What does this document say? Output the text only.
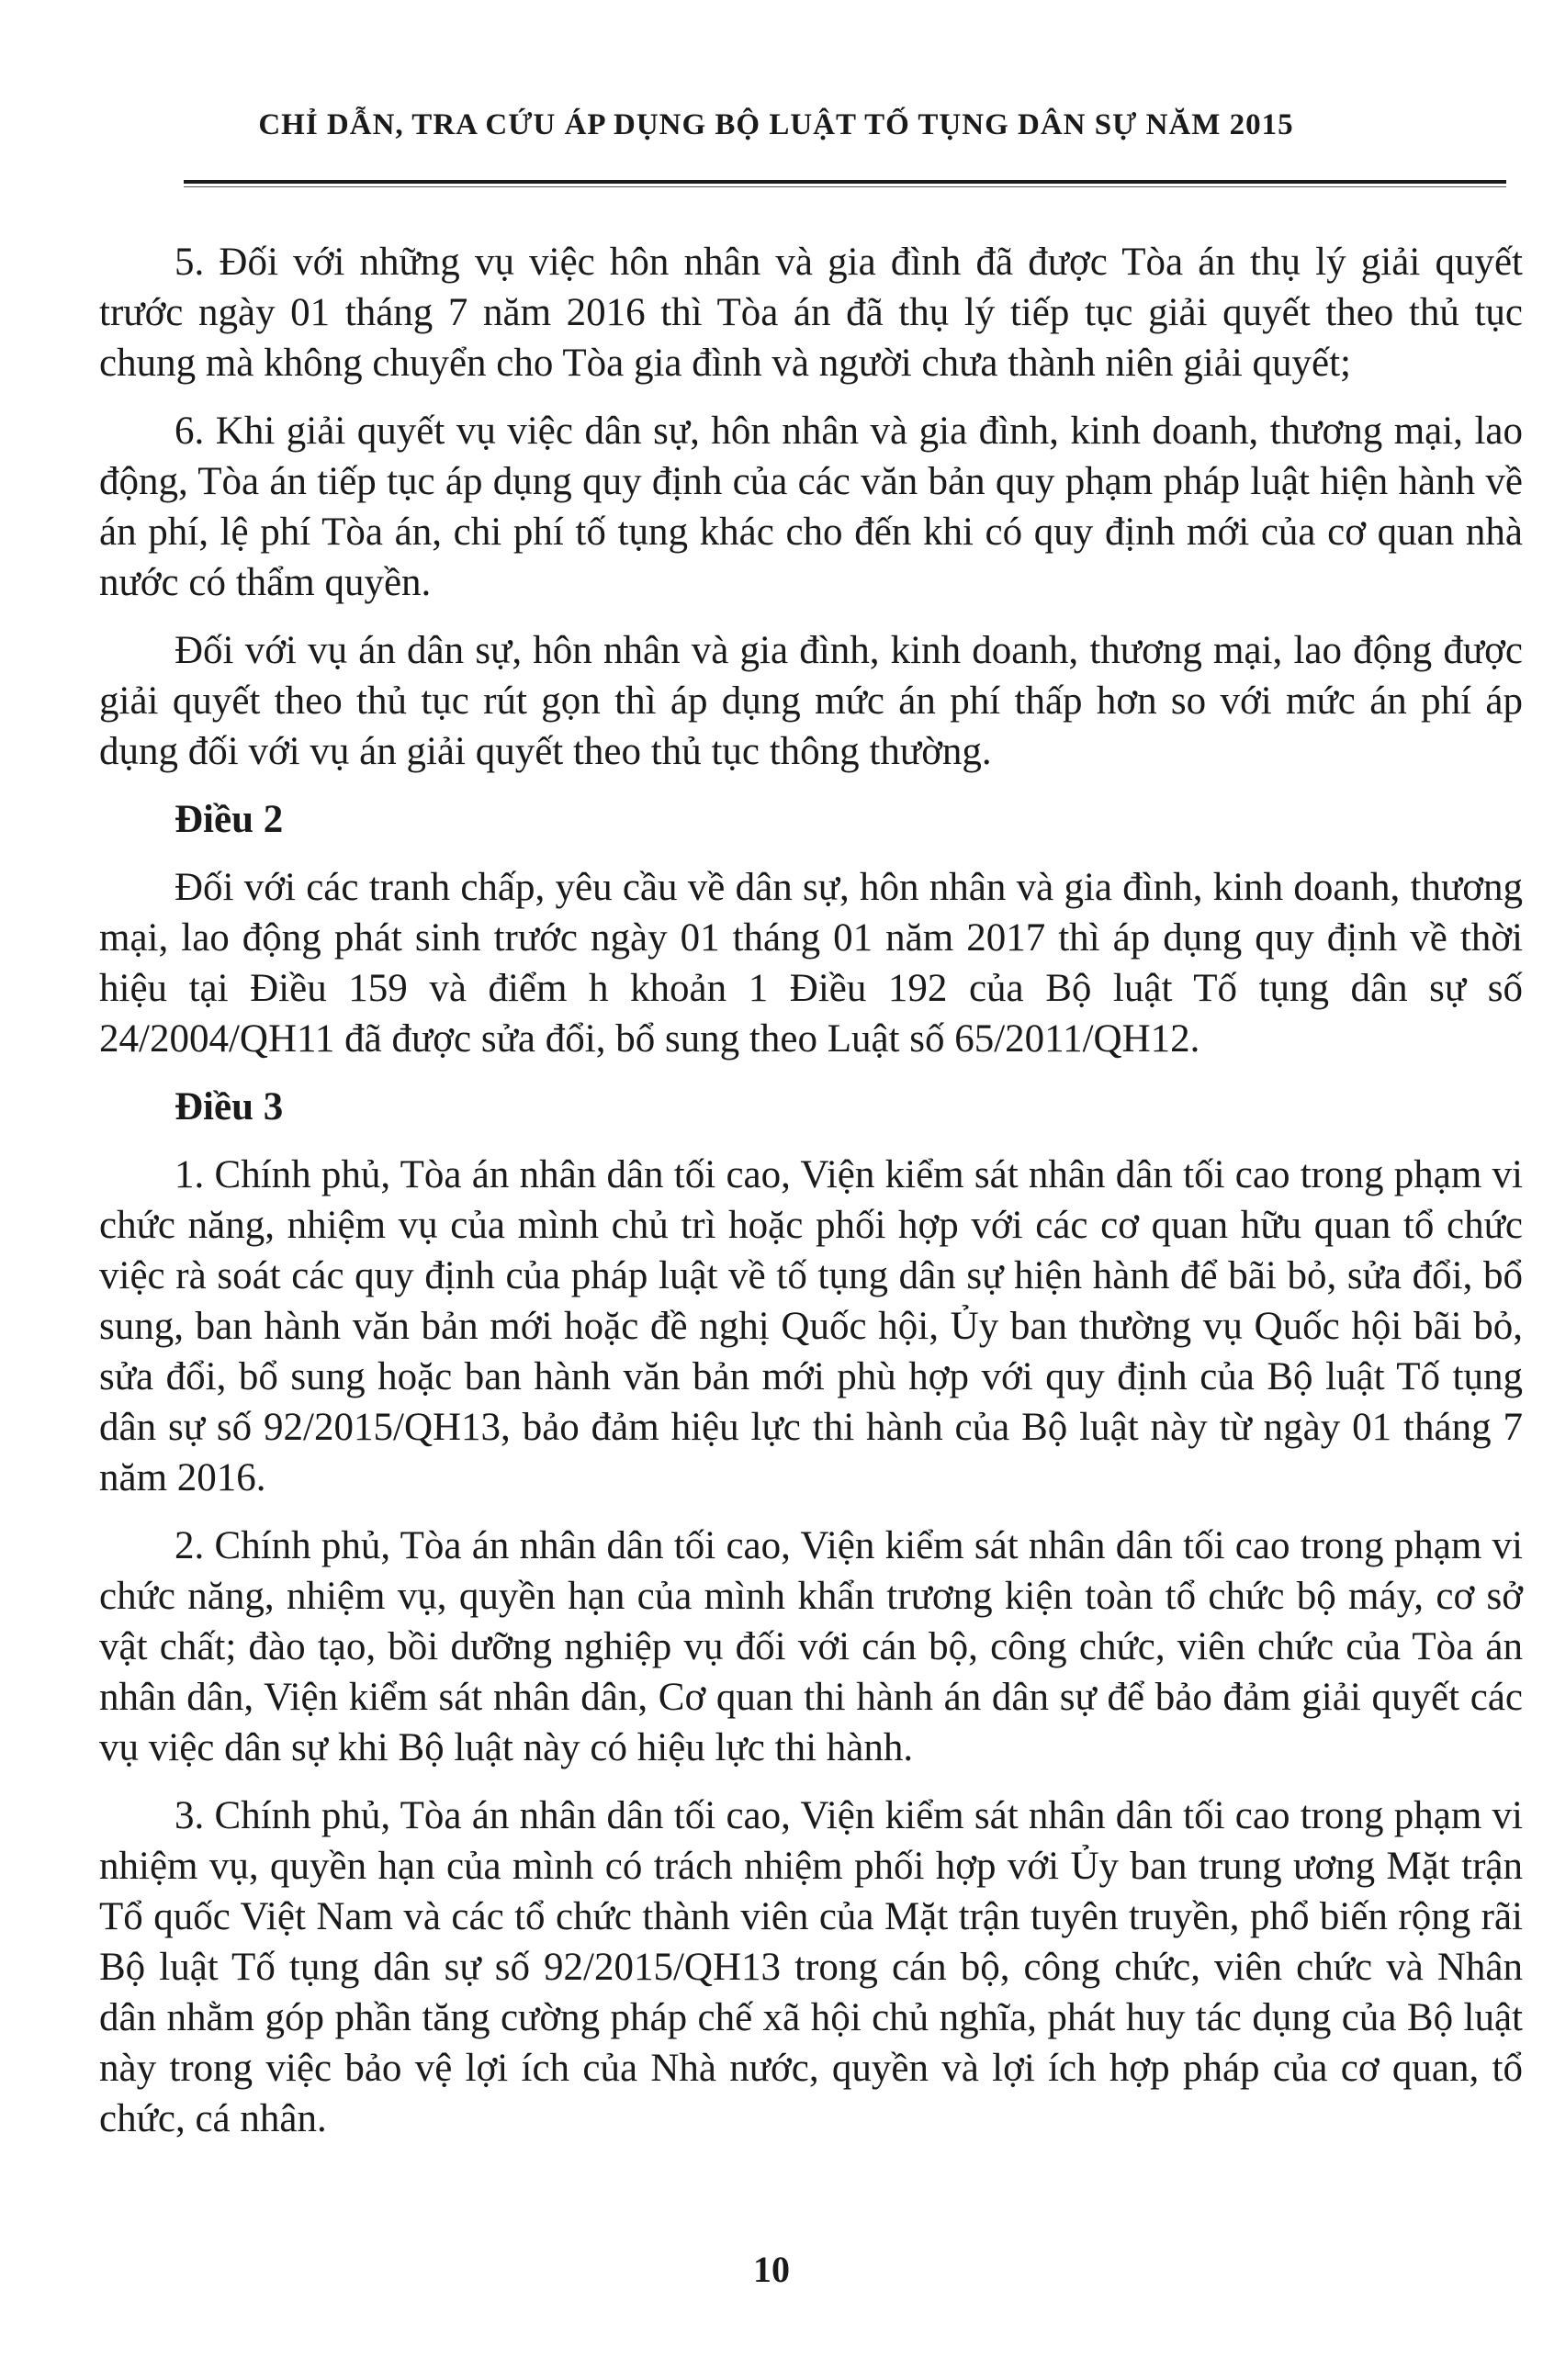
CHỈ DẪN, TRA CỨU ÁP DỤNG BỘ LUẬT TỐ TỤNG DÂN SỰ NĂM 2015

5. Đối với những vụ việc hôn nhân và gia đình đã được Tòa án thụ lý giải quyết trước ngày 01 tháng 7 năm 2016 thì Tòa án đã thụ lý tiếp tục giải quyết theo thủ tục chung mà không chuyển cho Tòa gia đình và người chưa thành niên giải quyết;

6. Khi giải quyết vụ việc dân sự, hôn nhân và gia đình, kinh doanh, thương mại, lao động, Tòa án tiếp tục áp dụng quy định của các văn bản quy phạm pháp luật hiện hành về án phí, lệ phí Tòa án, chi phí tố tụng khác cho đến khi có quy định mới của cơ quan nhà nước có thẩm quyền.

Đối với vụ án dân sự, hôn nhân và gia đình, kinh doanh, thương mại, lao động được giải quyết theo thủ tục rút gọn thì áp dụng mức án phí thấp hơn so với mức án phí áp dụng đối với vụ án giải quyết theo thủ tục thông thường.

Điều 2

Đối với các tranh chấp, yêu cầu về dân sự, hôn nhân và gia đình, kinh doanh, thương mại, lao động phát sinh trước ngày 01 tháng 01 năm 2017 thì áp dụng quy định về thời hiệu tại Điều 159 và điểm h khoản 1 Điều 192 của Bộ luật Tố tụng dân sự số 24/2004/QH11 đã được sửa đổi, bổ sung theo Luật số 65/2011/QH12.

Điều 3

1. Chính phủ, Tòa án nhân dân tối cao, Viện kiểm sát nhân dân tối cao trong phạm vi chức năng, nhiệm vụ của mình chủ trì hoặc phối hợp với các cơ quan hữu quan tổ chức việc rà soát các quy định của pháp luật về tố tụng dân sự hiện hành để bãi bỏ, sửa đổi, bổ sung, ban hành văn bản mới hoặc đề nghị Quốc hội, Ủy ban thường vụ Quốc hội bãi bỏ, sửa đổi, bổ sung hoặc ban hành văn bản mới phù hợp với quy định của Bộ luật Tố tụng dân sự số 92/2015/QH13, bảo đảm hiệu lực thi hành của Bộ luật này từ ngày 01 tháng 7 năm 2016.

2. Chính phủ, Tòa án nhân dân tối cao, Viện kiểm sát nhân dân tối cao trong phạm vi chức năng, nhiệm vụ, quyền hạn của mình khẩn trương kiện toàn tổ chức bộ máy, cơ sở vật chất; đào tạo, bồi dưỡng nghiệp vụ đối với cán bộ, công chức, viên chức của Tòa án nhân dân, Viện kiểm sát nhân dân, Cơ quan thi hành án dân sự để bảo đảm giải quyết các vụ việc dân sự khi Bộ luật này có hiệu lực thi hành.

3. Chính phủ, Tòa án nhân dân tối cao, Viện kiểm sát nhân dân tối cao trong phạm vi nhiệm vụ, quyền hạn của mình có trách nhiệm phối hợp với Ủy ban trung ương Mặt trận Tổ quốc Việt Nam và các tổ chức thành viên của Mặt trận tuyên truyền, phổ biến rộng rãi Bộ luật Tố tụng dân sự số 92/2015/QH13 trong cán bộ, công chức, viên chức và Nhân dân nhằm góp phần tăng cường pháp chế xã hội chủ nghĩa, phát huy tác dụng của Bộ luật này trong việc bảo vệ lợi ích của Nhà nước, quyền và lợi ích hợp pháp của cơ quan, tổ chức, cá nhân.

10
